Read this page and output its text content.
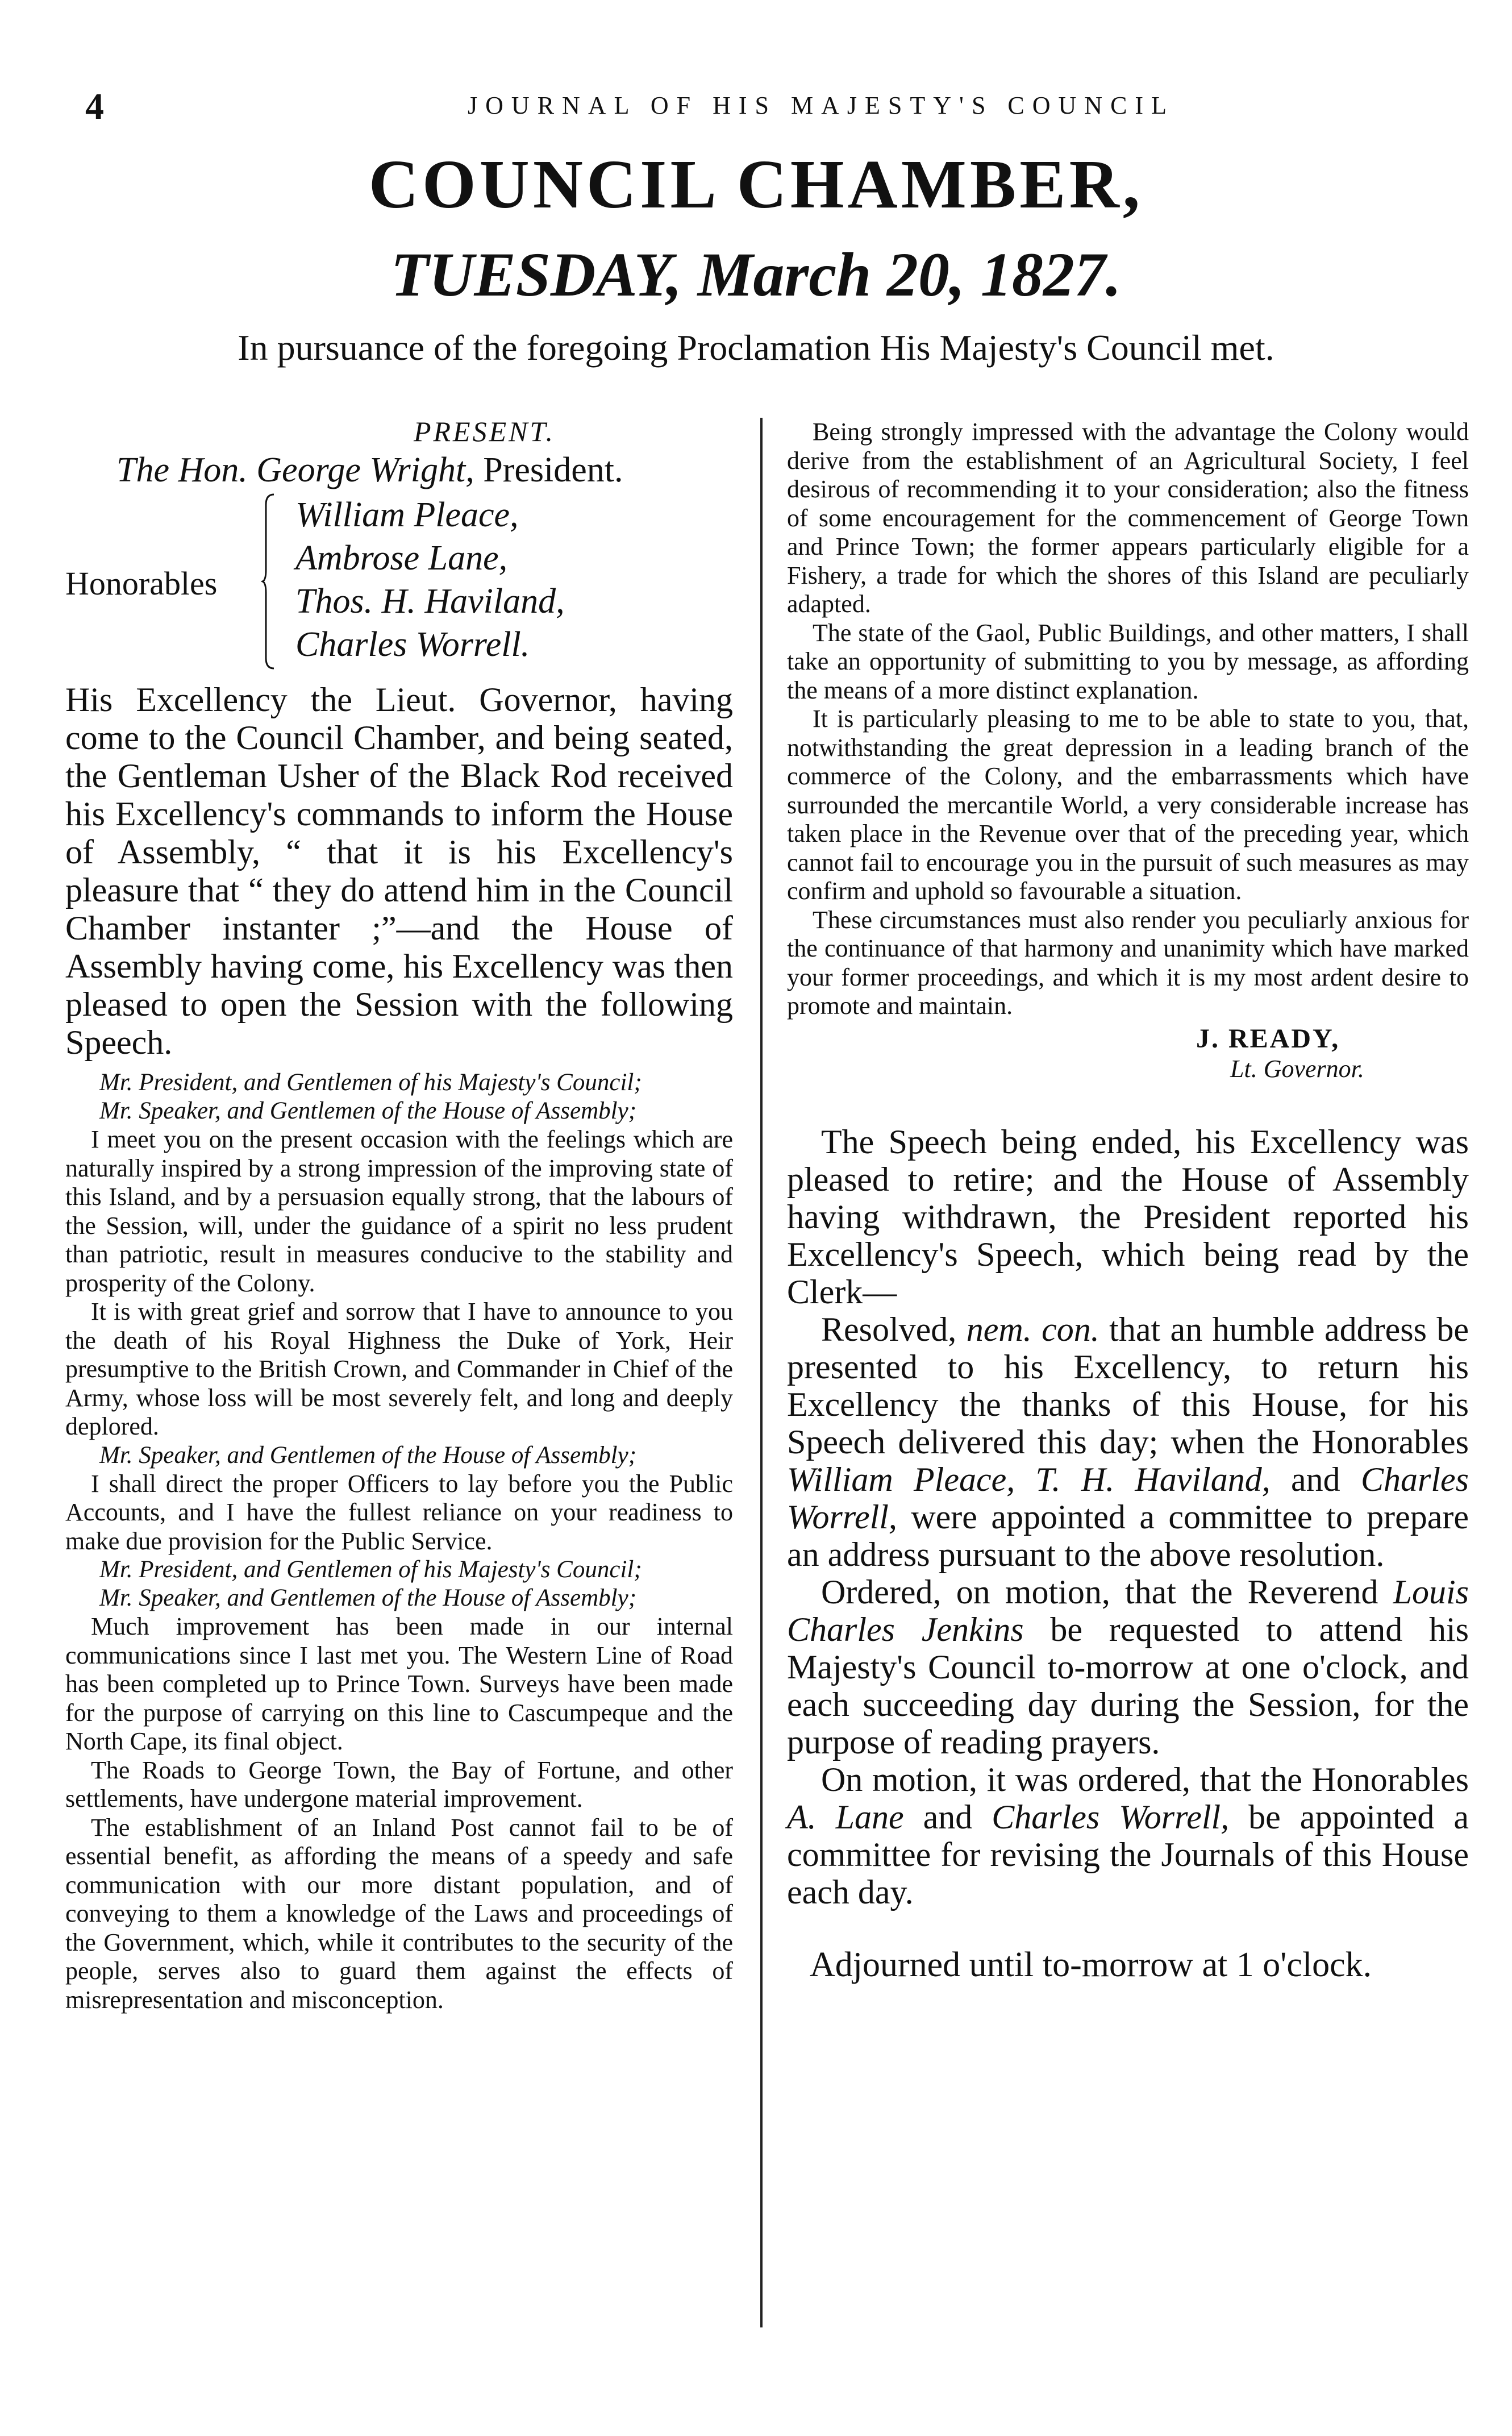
4	JOURNAL OF HIS MAJESTY'S COUNCIL
COUNCIL CHAMBER,
TUESDAY, March 20, 1827.
In pursuance of the foregoing Proclamation His Majesty's Council met.
PRESENT.
The Hon. George Wright, President.
Honorables
William Pleace,
Ambrose Lane,
Thos. H. Haviland,
Charles Worrell.

His Excellency the Lieut. Governor, having come to the Council Chamber, and being seated, the Gentleman Usher of the Black Rod received his Excellency's commands to inform the House of Assembly, “ that it is his Excellency's pleasure that “ they do attend him in the Council Chamber instanter ;”—and the House of Assembly having come, his Excellency was then pleased to open the Session with the following Speech.

Mr. President, and Gentlemen of his Majesty's Council;

Mr. Speaker, and Gentlemen of the House of Assembly;

I meet you on the present occasion with the feelings which are naturally inspired by a strong impression of the improving state of this Island, and by a persuasion equally strong, that the labours of the Session, will, under the guidance of a spirit no less prudent than patriotic, result in measures conducive to the stability and prosperity of the Colony.

It is with great grief and sorrow that I have to announce to you the death of his Royal Highness the Duke of York, Heir presumptive to the British Crown, and Commander in Chief of the Army, whose loss will be most severely felt, and long and deeply deplored.

Mr. Speaker, and Gentlemen of the House of Assembly;

I shall direct the proper Officers to lay before you the Public Accounts, and I have the fullest reliance on your readiness to make due provision for the Public Service.

Mr. President, and Gentlemen of his Majesty's Council;

Mr. Speaker, and Gentlemen of the House of Assembly;

Much improvement has been made in our internal communications since I last met you. The Western Line of Road has been completed up to Prince Town. Surveys have been made for the purpose of carrying on this line to Cascumpeque and the North Cape, its final object.

The Roads to George Town, the Bay of Fortune, and other settlements, have undergone material improvement.

The establishment of an Inland Post cannot fail to be of essential benefit, as affording the means of a speedy and safe communication with our more distant population, and of conveying to them a knowledge of the Laws and proceedings of the Government, which, while it contributes to the security of the people, serves also to guard them against the effects of misrepresentation and misconception.

Being strongly impressed with the advantage the Colony would derive from the establishment of an Agricultural Society, I feel desirous of recommending it to your consideration; also the fitness of some encouragement for the commencement of George Town and Prince Town; the former appears particularly eligible for a Fishery, a trade for which the shores of this Island are peculiarly adapted.

The state of the Gaol, Public Buildings, and other matters, I shall take an opportunity of submitting to you by message, as affording the means of a more distinct explanation.

It is particularly pleasing to me to be able to state to you, that, notwithstanding the great depression in a leading branch of the commerce of the Colony, and the embarrassments which have surrounded the mercantile World, a very considerable increase has taken place in the Revenue over that of the preceding year, which cannot fail to encourage you in the pursuit of such measures as may confirm and uphold so favourable a situation.

These circumstances must also render you peculiarly anxious for the continuance of that harmony and unanimity which have marked your former proceedings, and which it is my most ardent desire to promote and maintain.

J. READY,
Lt. Governor.

The Speech being ended, his Excellency was pleased to retire; and the House of Assembly having withdrawn, the President reported his Excellency's Speech, which being read by the Clerk—

Resolved, nem. con. that an humble address be presented to his Excellency, to return his Excellency the thanks of this House, for his Speech delivered this day; when the Honorables William Pleace, T. H. Haviland, and Charles Worrell, were appointed a committee to prepare an address pursuant to the above resolution.

Ordered, on motion, that the Reverend Louis Charles Jenkins be requested to attend his Majesty's Council to-morrow at one o'clock, and each succeeding day during the Session, for the purpose of reading prayers.

On motion, it was ordered, that the Honorables A. Lane and Charles Worrell, be appointed a committee for revising the Journals of this House each day.

Adjourned until to-morrow at 1 o'clock.
